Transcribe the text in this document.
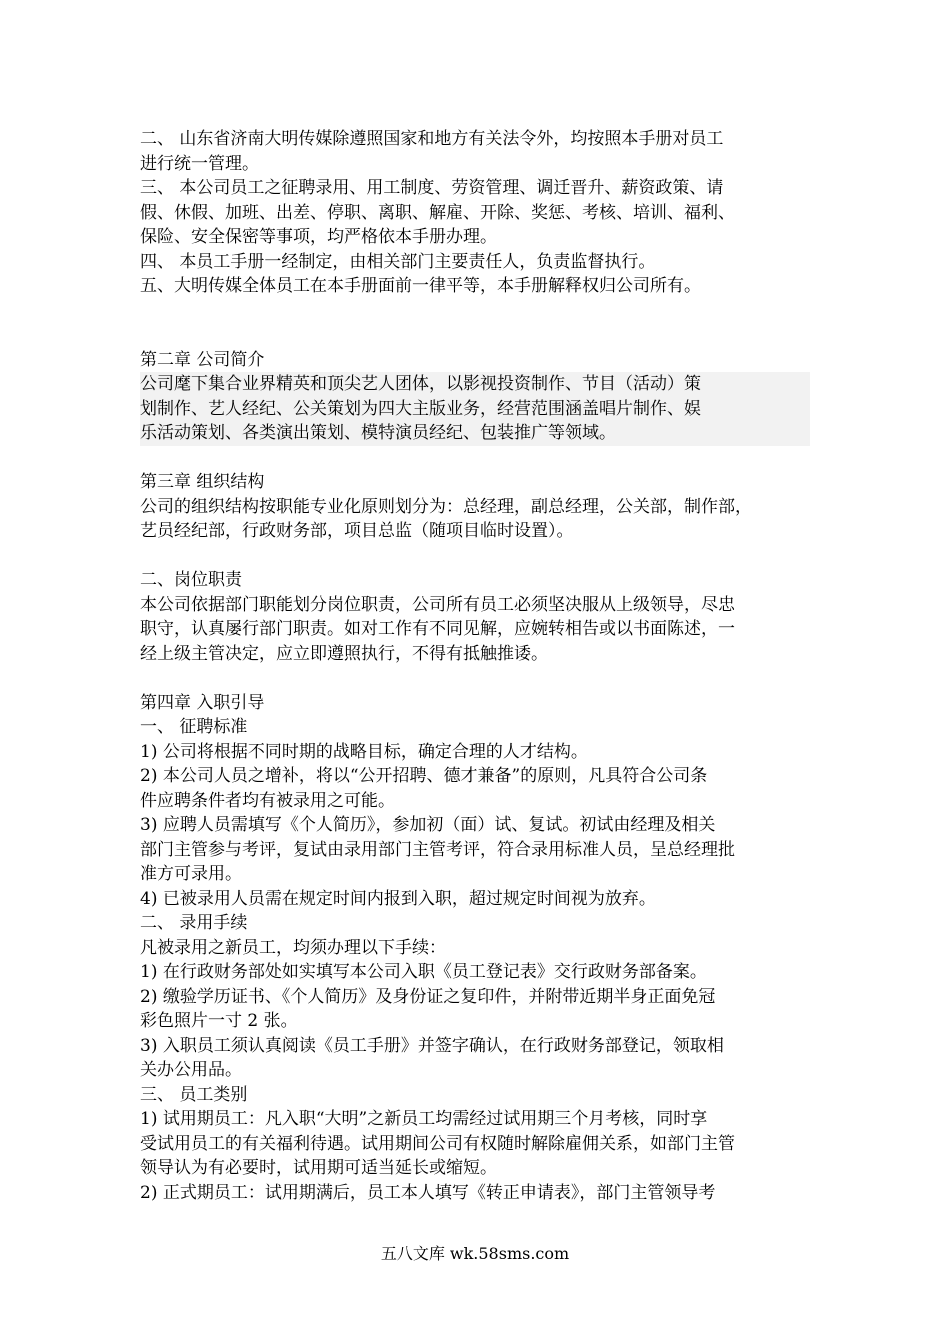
二、 山东省济南大明传媒除遵照国家和地方有关法令外，均按照本手册对员工
进行统一管理。
三、 本公司员工之征聘录用、用工制度、劳资管理、调迁晋升、薪资政策、请
假、休假、加班、出差、停职、离职、解雇、开除、奖惩、考核、培训、福利、
保险、安全保密等事项，均严格依本手册办理。
四、 本员工手册一经制定，由相关部门主要责任人，负责监督执行。
五、大明传媒全体员工在本手册面前一律平等，本手册解释权归公司所有。
第二章 公司简介
公司麾下集合业界精英和顶尖艺人团体，以影视投资制作、节目（活动）策
划制作、艺人经纪、公关策划为四大主版业务，经营范围涵盖唱片制作、娱
乐活动策划、各类演出策划、模特演员经纪、包装推广等领域。
第三章 组织结构
公司的组织结构按职能专业化原则划分为：总经理，副总经理，公关部，制作部，
艺员经纪部，行政财务部，项目总监（随项目临时设置）。
二、岗位职责
本公司依据部门职能划分岗位职责，公司所有员工必须坚决服从上级领导，尽忠
职守，认真屡行部门职责。如对工作有不同见解，应婉转相告或以书面陈述，一
经上级主管决定，应立即遵照执行，不得有抵触推诿。
第四章 入职引导
一、 征聘标准
1) 公司将根据不同时期的战略目标，确定合理的人才结构。
2) 本公司人员之增补，将以“公开招聘、德才兼备”的原则，凡具符合公司条
件应聘条件者均有被录用之可能。
3) 应聘人员需填写《个人简历》，参加初（面）试、复试。初试由经理及相关
部门主管参与考评，复试由录用部门主管考评，符合录用标准人员，呈总经理批
准方可录用。
4) 已被录用人员需在规定时间内报到入职，超过规定时间视为放弃。
二、 录用手续
凡被录用之新员工，均须办理以下手续：
1) 在行政财务部处如实填写本公司入职《员工登记表》交行政财务部备案。
2) 缴验学历证书、《个人简历》及身份证之复印件，并附带近期半身正面免冠
彩色照片一寸 2 张。
3) 入职员工须认真阅读《员工手册》并签字确认，在行政财务部登记，领取相
关办公用品。
三、 员工类别
1) 试用期员工：凡入职“大明”之新员工均需经过试用期三个月考核，同时享
受试用员工的有关福利待遇。试用期间公司有权随时解除雇佣关系，如部门主管
领导认为有必要时，试用期可适当延长或缩短。
2) 正式期员工：试用期满后，员工本人填写《转正申请表》，部门主管领导考
五八文库 wk.58sms.com
